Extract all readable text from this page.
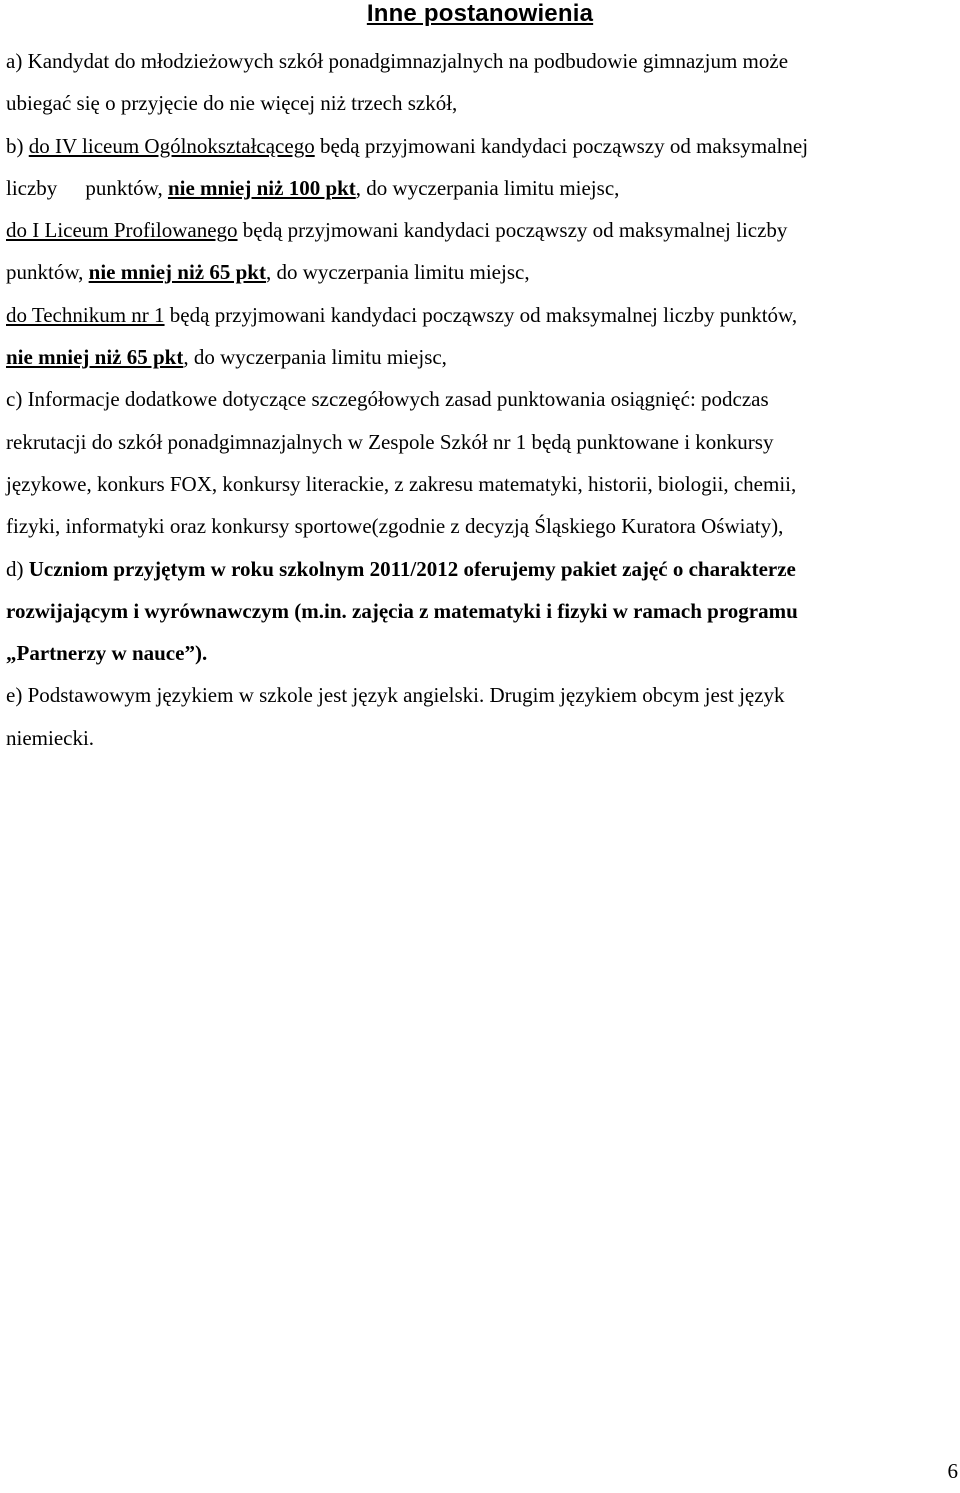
Inne postanowienia
a) Kandydat do młodzieżowych szkół ponadgimnazjalnych na podbudowie gimnazjum może
ubiegać się o przyjęcie do nie więcej niż trzech szkół,
b) do IV liceum Ogólnokształcącego będą przyjmowani kandydaci począwszy od maksymalnej
liczby punktów, nie mniej niż 100 pkt, do wyczerpania limitu miejsc,
do I Liceum Profilowanego będą przyjmowani kandydaci począwszy od maksymalnej liczby
punktów, nie mniej niż 65 pkt, do wyczerpania limitu miejsc,
do Technikum nr 1 będą przyjmowani kandydaci począwszy od maksymalnej liczby punktów,
nie mniej niż 65 pkt, do wyczerpania limitu miejsc,
c) Informacje dodatkowe dotyczące szczegółowych zasad punktowania osiągnięć: podczas
rekrutacji do szkół ponadgimnazjalnych w Zespole Szkół nr 1 będą punktowane i konkursy
językowe, konkurs FOX, konkursy literackie, z zakresu matematyki, historii, biologii, chemii,
fizyki, informatyki oraz konkursy sportowe(zgodnie z decyzją Śląskiego Kuratora Oświaty),
d) Uczniom przyjętym w roku szkolnym 2011/2012 oferujemy pakiet zajęć o charakterze
rozwijającym i wyrównawczym (m.in. zajęcia z matematyki i fizyki w ramach programu
„Partnerzy w nauce”).
e) Podstawowym językiem w szkole jest język angielski. Drugim językiem obcym jest język
niemiecki.
6
